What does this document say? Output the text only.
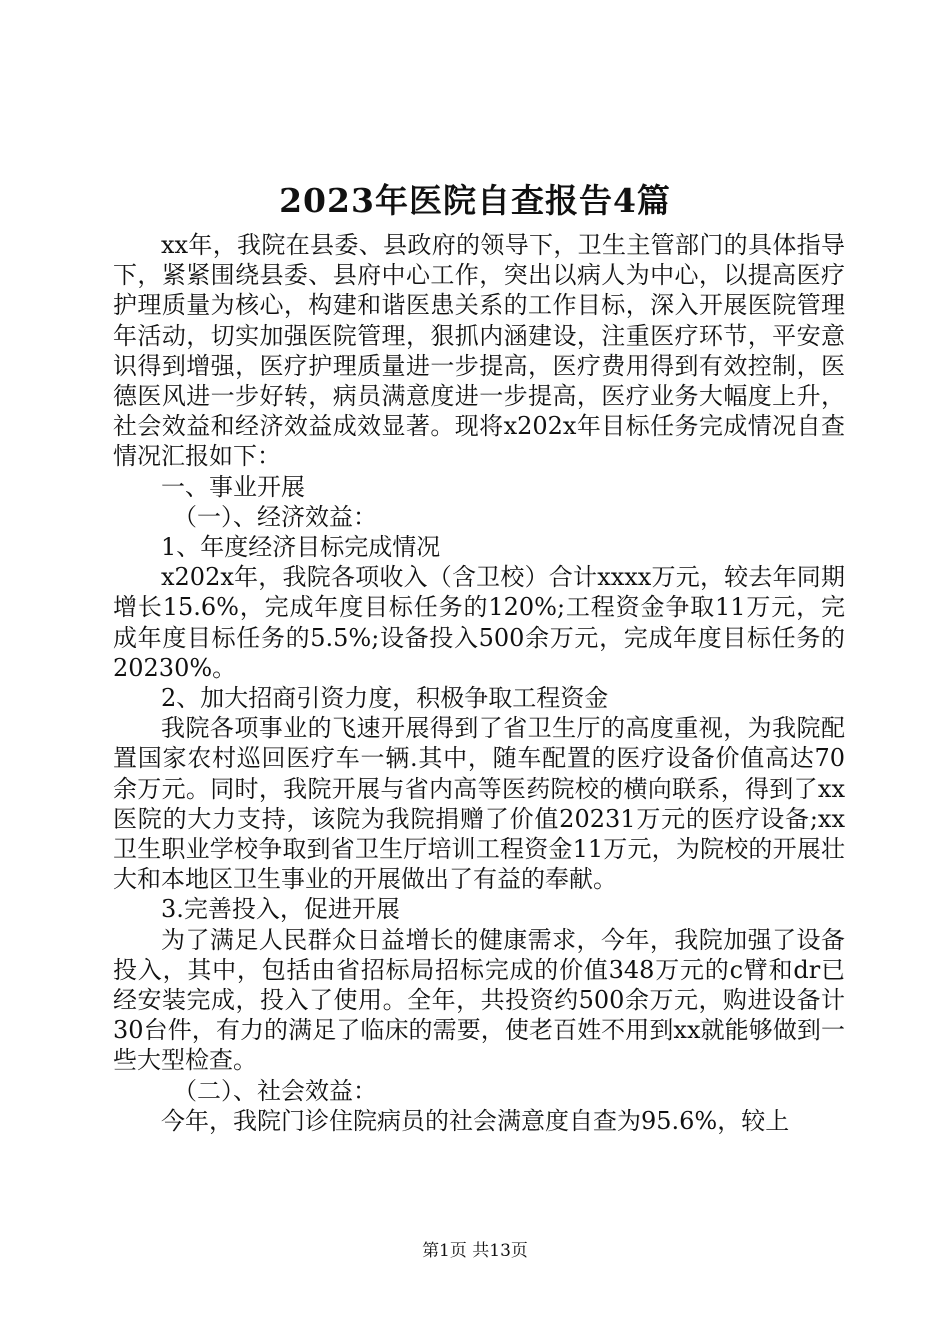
2023年医院自查报告4篇

xx年，我院在县委、县政府的领导下，卫生主管部门的具体指导下，紧紧围绕县委、县府中心工作，突出以病人为中心，以提高医疗护理质量为核心，构建和谐医患关系的工作目标，深入开展医院管理年活动，切实加强医院管理，狠抓内涵建设，注重医疗环节，平安意识得到增强，医疗护理质量进一步提高，医疗费用得到有效控制，医德医风进一步好转，病员满意度进一步提高，医疗业务大幅度上升，社会效益和经济效益成效显著。现将x202x年目标任务完成情况自查情况汇报如下：

一、事业开展

（一）、经济效益：

1、年度经济目标完成情况

x202x年，我院各项收入（含卫校）合计xxxx万元，较去年同期增长15.6%，完成年度目标任务的120%;工程资金争取11万元，完成年度目标任务的5.5%;设备投入500余万元，完成年度目标任务的20230%。

2、加大招商引资力度，积极争取工程资金

我院各项事业的飞速开展得到了省卫生厅的高度重视，为我院配置国家农村巡回医疗车一辆.其中，随车配置的医疗设备价值高达70余万元。同时，我院开展与省内高等医药院校的横向联系，得到了xx医院的大力支持，该院为我院捐赠了价值20231万元的医疗设备;xx卫生职业学校争取到省卫生厅培训工程资金11万元，为院校的开展壮大和本地区卫生事业的开展做出了有益的奉献。

3.完善投入，促进开展

为了满足人民群众日益增长的健康需求，今年，我院加强了设备投入，其中，包括由省招标局招标完成的价值348万元的c臂和dr已经安装完成，投入了使用。全年，共投资约500余万元，购进设备计30台件，有力的满足了临床的需要，使老百姓不用到xx就能够做到一些大型检查。

（二）、社会效益：

今年，我院门诊住院病员的社会满意度自查为95.6%，较上

第1页 共13页
